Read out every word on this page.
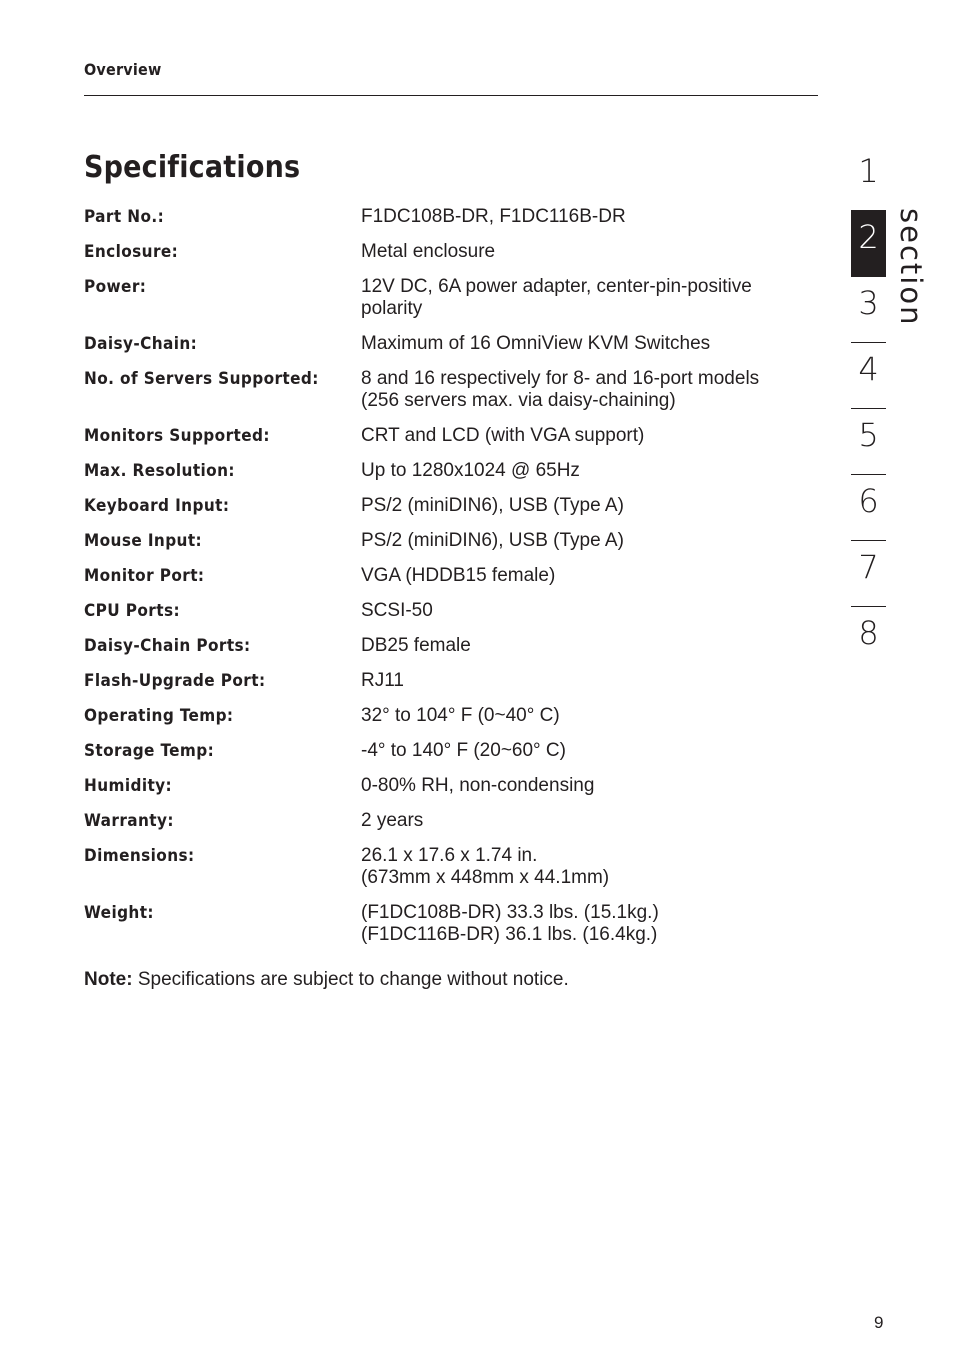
Overview
Specifications
Part No.:	F1DC108B-DR, F1DC116B-DR
Enclosure:	Metal enclosure
Power:	12V DC, 6A power adapter, center-pin-positive
polarity
Daisy-Chain:	Maximum of 16 OmniView KVM Switches
No. of Servers Supported:	8 and 16 respectively for 8- and 16-port models
(256 servers max. via daisy-chaining)
Monitors Supported:	CRT and LCD (with VGA support)
Max. Resolution:	Up to 1280x1024 @ 65Hz
Keyboard Input:	PS/2 (miniDIN6), USB (Type A)
Mouse Input:	PS/2 (miniDIN6), USB (Type A)
Monitor Port:	VGA (HDDB15 female)
CPU Ports:	SCSI-50
Daisy-Chain Ports:	DB25 female
Flash-Upgrade Port:	RJ11
Operating Temp:	32° to 104° F (0~40° C)
Storage Temp:	-4° to 140° F (20~60° C)
Humidity:	0-80% RH, non-condensing
Warranty:	2 years
Dimensions:	26.1 x 17.6 x 1.74 in.
(673mm x 448mm x 44.1mm)
Weight:	(F1DC108B-DR) 33.3 lbs. (15.1kg.)
(F1DC116B-DR) 36.1 lbs. (16.4kg.)
Note: Specifications are subject to change without notice.
1
2
3
4
5
6
7
8
section
9
